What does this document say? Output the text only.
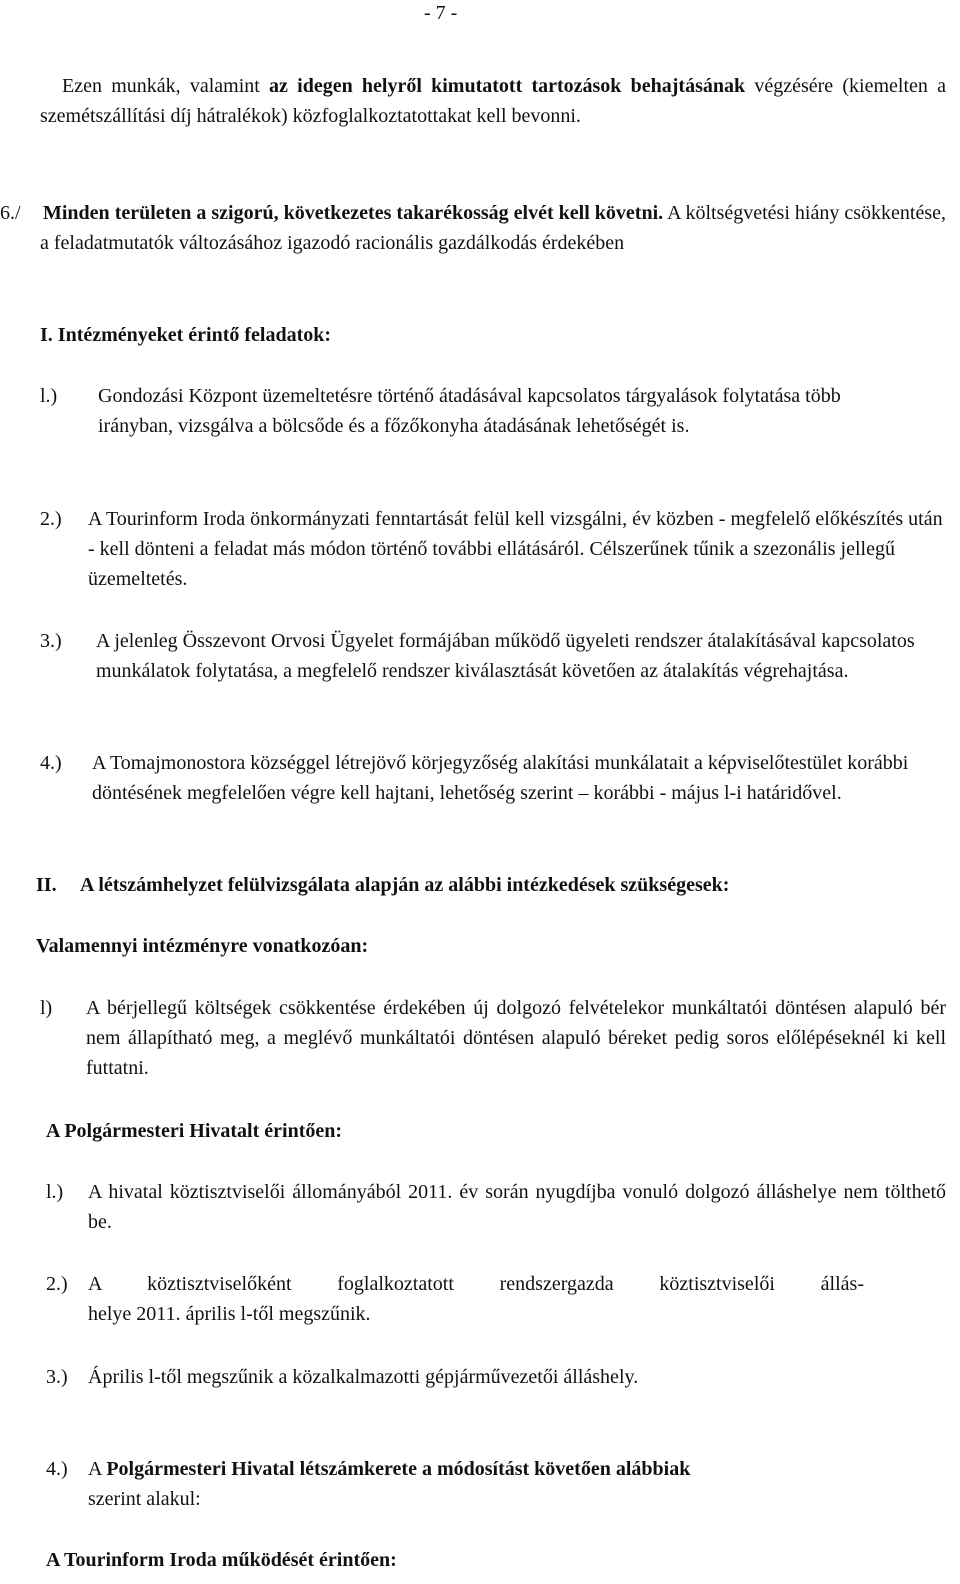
- 7 -
Ezen munkák, valamint az idegen helyről kimutatott tartozások behajtásának végzésére (kiemelten a szemétszállítási díj hátralékok) közfoglalkoztatottakat kell bevonni.
6./	Minden területen a szigorú, következetes takarékosság elvét kell követni. A költségvetési hiány csökkentése, a feladatmutatók változásához igazodó racionális gazdálkodás érdekében
I. Intézményeket érintő feladatok:
l.) Gondozási Központ üzemeltetésre történő átadásával kapcsolatos tárgyalások folytatása több irányban, vizsgálva a bölcsőde és a főzőkonyha átadásának lehetőségét is.
2.) A Tourinform Iroda önkormányzati fenntartását felül kell vizsgálni, év közben - megfelelő előkészítés után - kell dönteni a feladat más módon történő további ellátásáról. Célszerűnek tűnik a szezonális jellegű üzemeltetés.
3.) A jelenleg Összevont Orvosi Ügyelet formájában működő ügyeleti rendszer átalakításával kapcsolatos munkálatok folytatása, a megfelelő rendszer kiválasztását követően az átalakítás végrehajtása.
4.) A Tomajmonostora községgel létrejövő körjegyzőség alakítási munkálatait a képviselőtestület korábbi döntésének megfelelően végre kell hajtani, lehetőség szerint – korábbi - május l-i határidővel.
II. A létszámhelyzet felülvizsgálata alapján az alábbi intézkedések szükségesek:
Valamennyi intézményre vonatkozóan:
l) A bérjellegű költségek csökkentése érdekében új dolgozó felvételekor munkáltatói döntésen alapuló bér nem állapítható meg, a meglévő munkáltatói döntésen alapuló béreket pedig soros előlépéseknél ki kell futtatni.
A Polgármesteri Hivatalt érintően:
l.) A hivatal köztisztviselői állományából 2011. év során nyugdíjba vonuló dolgozó álláshelye nem tölthető be.
2.) A köztisztviselőként foglalkoztatott rendszergazda köztisztviselői állás-
helye 2011. április l-től megszűnik.
3.) Április l-től megszűnik a közalkalmazotti gépjárművezetői álláshely.
4.) A Polgármesteri Hivatal létszámkerete a módosítást követően alábbiak
szerint alakul:
A Tourinform Iroda működését érintően:
